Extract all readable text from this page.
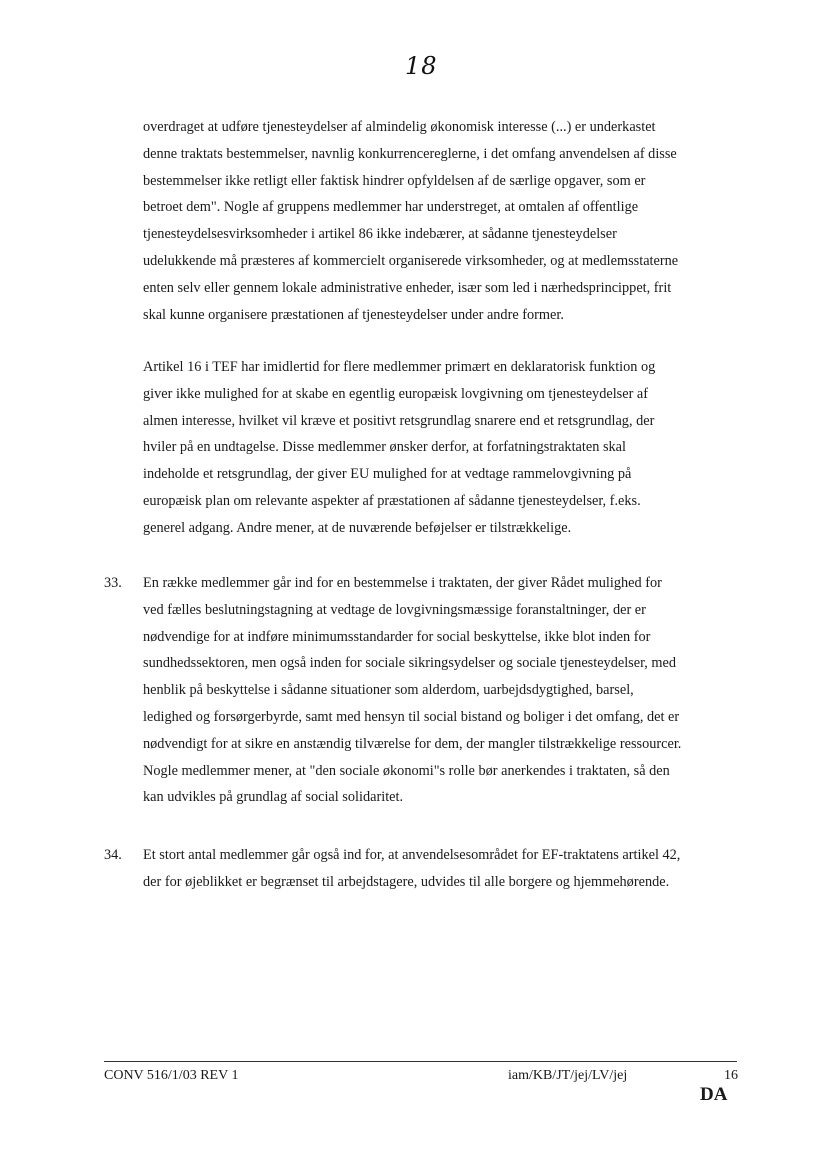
18

overdraget at udføre tjenesteydelser af almindelig økonomisk interesse (...) er underkastet

denne traktats bestemmelser, navnlig konkurrencereglerne, i det omfang anvendelsen af disse

bestemmelser ikke retligt eller faktisk hindrer opfyldelsen af de særlige opgaver, som er

betroet dem". Nogle af gruppens medlemmer har understreget, at omtalen af offentlige

tjenesteydelsesvirksomheder i artikel 86 ikke indebærer, at sådanne tjenesteydelser

udelukkende må præsteres af kommercielt organiserede virksomheder, og at medlemsstaterne

enten selv eller gennem lokale administrative enheder, især som led i nærhedsprincippet, frit

skal kunne organisere præstationen af tjenesteydelser under andre former.

Artikel 16 i TEF har imidlertid for flere medlemmer primært en deklaratorisk funktion og

giver ikke mulighed for at skabe en egentlig europæisk lovgivning om tjenesteydelser af

almen interesse, hvilket vil kræve et positivt retsgrundlag snarere end et retsgrundlag, der

hviler på en undtagelse. Disse medlemmer ønsker derfor, at forfatningstraktaten skal

indeholde et retsgrundlag, der giver EU mulighed for at vedtage rammelovgivning på

europæisk plan om relevante aspekter af præstationen af sådanne tjenesteydelser, f.eks.

generel adgang. Andre mener, at de nuværende beføjelser er tilstrækkelige.

33. En række medlemmer går ind for en bestemmelse i traktaten, der giver Rådet mulighed for

ved fælles beslutningstagning at vedtage de lovgivningsmæssige foranstaltninger, der er

nødvendige for at indføre minimumsstandarder for social beskyttelse, ikke blot inden for

sundhedssektoren, men også inden for sociale sikringsydelser og sociale tjenesteydelser, med

henblik på beskyttelse i sådanne situationer som alderdom, uarbejdsdygtighed, barsel,

ledighed og forsørgerbyrde, samt med hensyn til social bistand og boliger i det omfang, det er

nødvendigt for at sikre en anstændig tilværelse for dem, der mangler tilstrækkelige ressourcer.

Nogle medlemmer mener, at "den sociale økonomi"s rolle bør anerkendes i traktaten, så den

kan udvikles på grundlag af social solidaritet.

34. Et stort antal medlemmer går også ind for, at anvendelsesområdet for EF-traktatens artikel 42,

der for øjeblikket er begrænset til arbejdstagere, udvides til alle borgere og hjemmehørende.

CONV 516/1/03 REV 1	iam/KB/JT/jej/LV/jej	16
DA
